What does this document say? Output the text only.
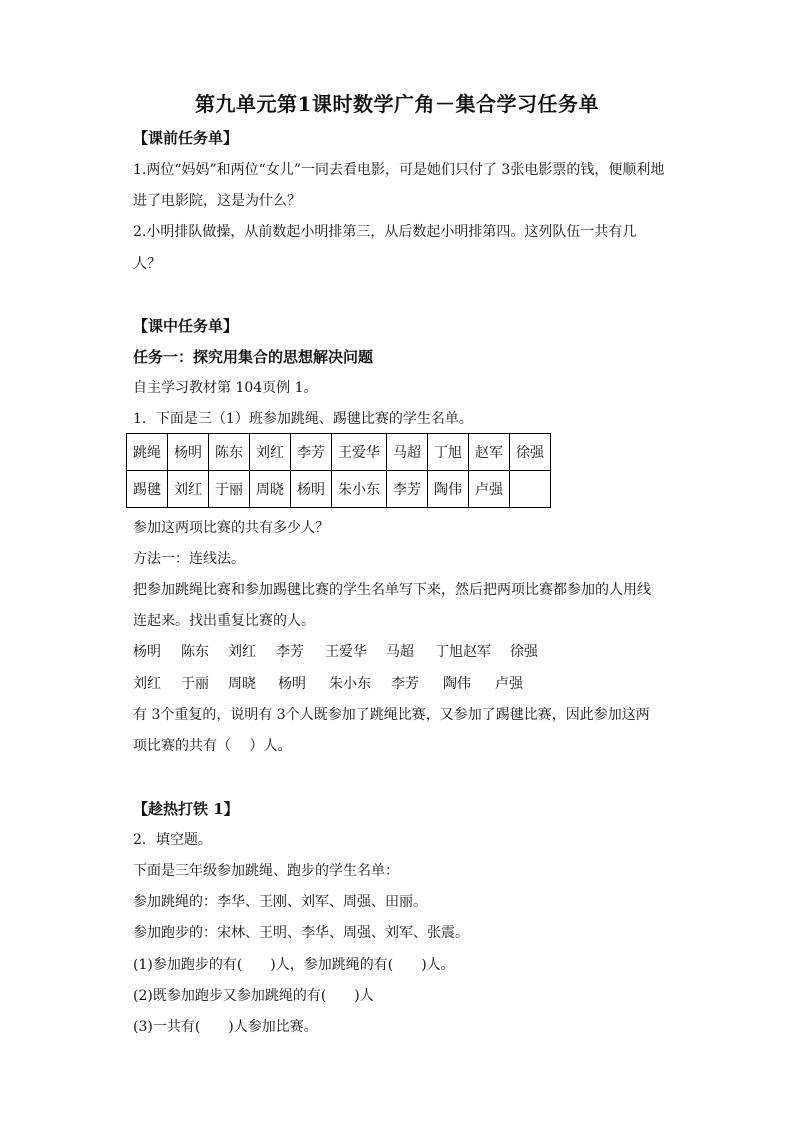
第九单元第1课时数学广角－集合学习任务单
【课前任务单】
1.两位“妈妈”和两位“女儿”一同去看电影，可是她们只付了 3张电影票的钱，便顺利地
进了电影院，这是为什么？
2.小明排队做操，从前数起小明排第三，从后数起小明排第四。这列队伍一共有几
人？
【课中任务单】
任务一：探究用集合的思想解决问题
自主学习教材第 104页例 1。
1．下面是三（1）班参加跳绳、踢毽比赛的学生名单。
跳绳	杨明	陈东	刘红	李芳	王爱华	马超	丁旭	赵军	徐强
踢毽	刘红	于丽	周晓	杨明	朱小东	李芳	陶伟	卢强	
参加这两项比赛的共有多少人？
方法一：连线法。
把参加跳绳比赛和参加踢毽比赛的学生名单写下来，然后把两项比赛都参加的人用线
连起来。找出重复比赛的人。
杨明 陈东 刘红 李芳 王爱华 马超 丁旭赵军 徐强
刘红 于丽 周晓 杨明 朱小东 李芳 陶伟 卢强
有 3个重复的，说明有 3个人既参加了跳绳比赛，又参加了踢毽比赛，因此参加这两
项比赛的共有（　 ）人。
【趁热打铁 1】
2．填空题。
下面是三年级参加跳绳、跑步的学生名单：
参加跳绳的：李华、王刚、刘军、周强、田丽。
参加跑步的：宋林、王明、李华、周强、刘军、张震。
(1)参加跑步的有(　　)人，参加跳绳的有(　　)人。
(2)既参加跑步又参加跳绳的有(　　)人
(3)一共有(　　)人参加比赛。
